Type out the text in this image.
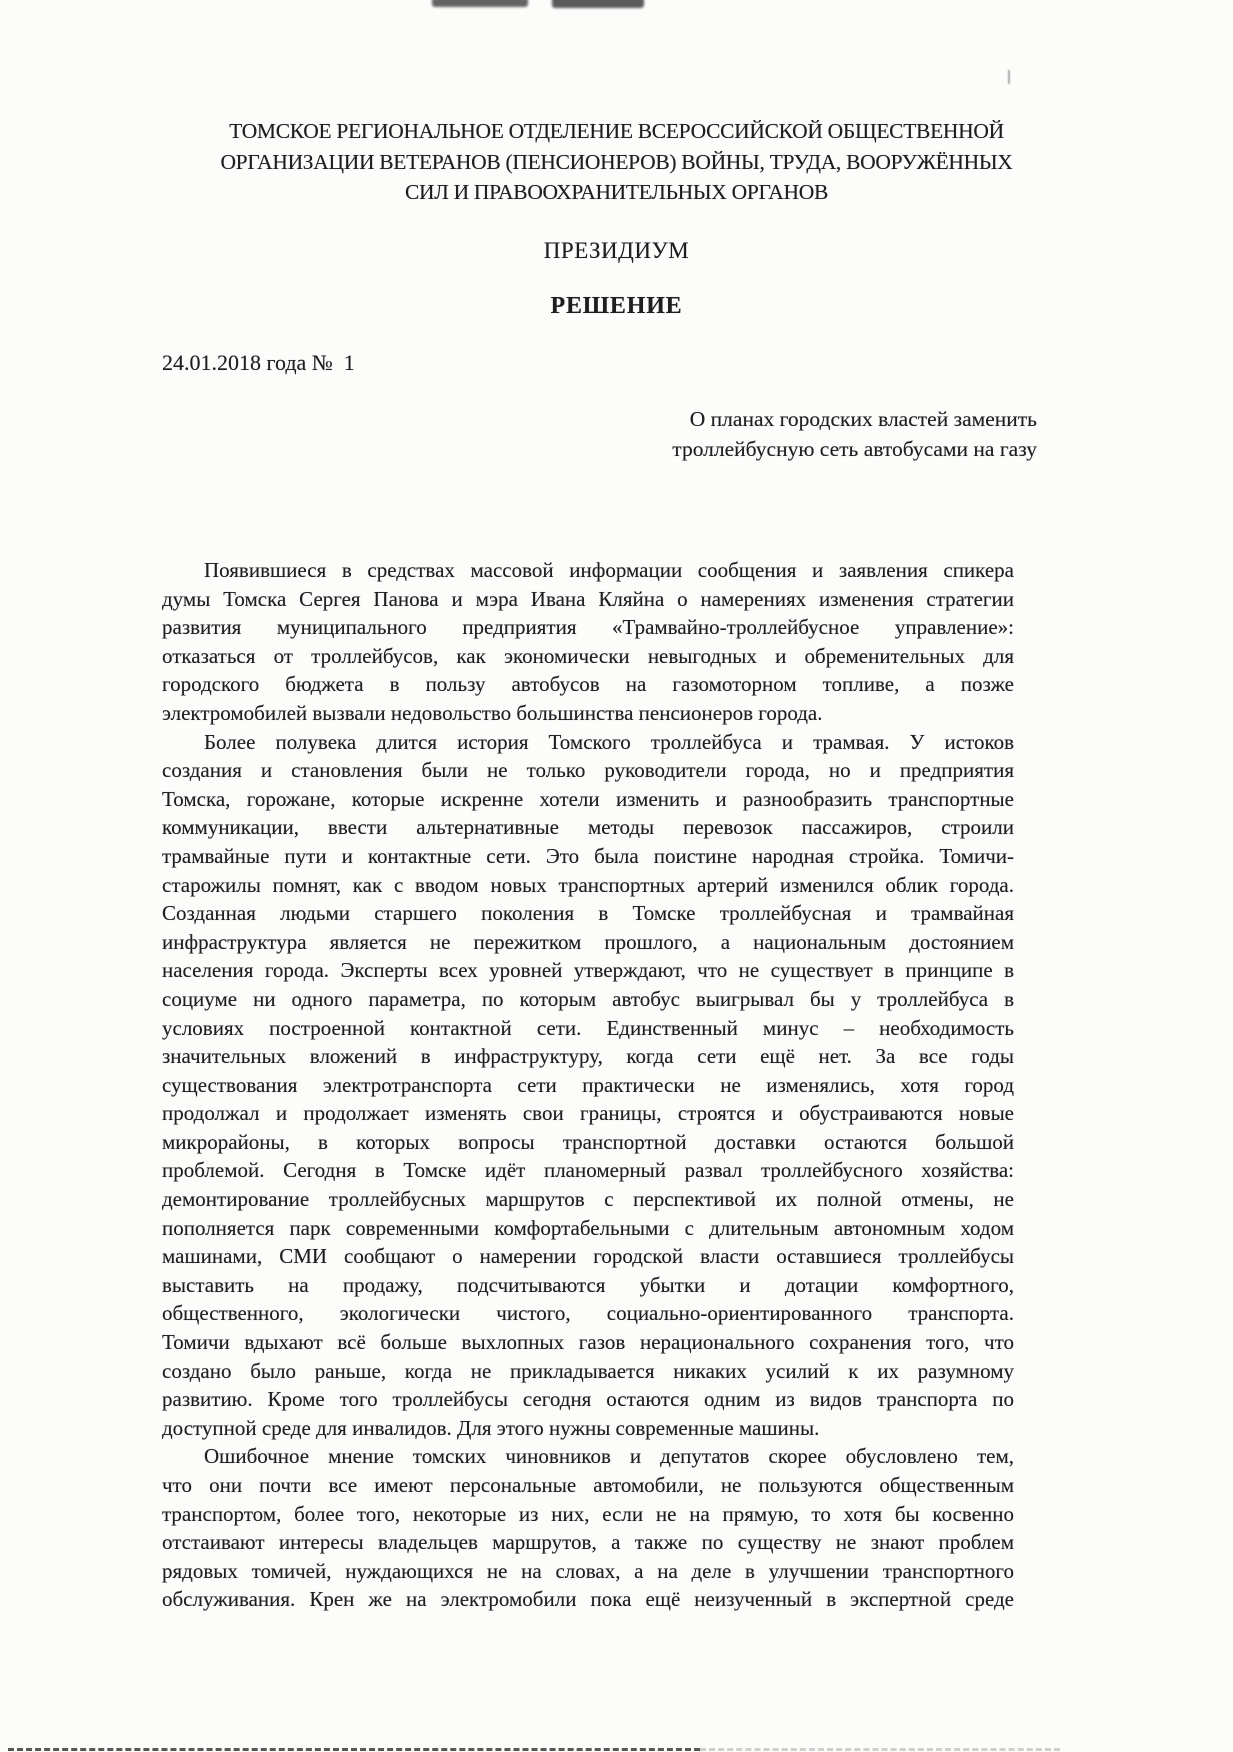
ТОМСКОЕ РЕГИОНАЛЬНОЕ ОТДЕЛЕНИЕ ВСЕРОССИЙСКОЙ ОБЩЕСТВЕННОЙ
ОРГАНИЗАЦИИ ВЕТЕРАНОВ (ПЕНСИОНЕРОВ) ВОЙНЫ, ТРУДА, ВООРУЖЁННЫХ
СИЛ И ПРАВООХРАНИТЕЛЬНЫХ ОРГАНОВ
ПРЕЗИДИУМ
РЕШЕНИЕ
24.01.2018 года №  1
О планах городских властей заменить
троллейбусную сеть автобусами на газу
Появившиеся в средствах массовой информации сообщения и заявления спикера
думы Томска Сергея Панова и мэра Ивана Кляйна о намерениях изменения стратегии
развития муниципального предприятия «Трамвайно-троллейбусное управление»:
отказаться от троллейбусов, как экономически невыгодных и обременительных для
городского бюджета в пользу автобусов на газомоторном топливе, а позже
электромобилей вызвали недовольство большинства пенсионеров города.
Более полувека длится история Томского троллейбуса и трамвая. У истоков
создания и становления были не только руководители города, но и предприятия
Томска, горожане, которые искренне хотели изменить и разнообразить транспортные
коммуникации, ввести альтернативные методы перевозок пассажиров, строили
трамвайные пути и контактные сети. Это была поистине народная стройка. Томичи-
старожилы помнят, как с вводом новых транспортных артерий изменился облик города.
Созданная людьми старшего поколения в Томске троллейбусная и трамвайная
инфраструктура является не пережитком прошлого, а национальным достоянием
населения города. Эксперты всех уровней утверждают, что не существует в принципе в
социуме ни одного параметра, по которым автобус выигрывал бы у троллейбуса в
условиях построенной контактной сети. Единственный минус – необходимость
значительных вложений в инфраструктуру, когда сети ещё нет. За все годы
существования электротранспорта сети практически не изменялись, хотя город
продолжал и продолжает изменять свои границы, строятся и обустраиваются новые
микрорайоны, в которых вопросы транспортной доставки остаются большой
проблемой. Сегодня в Томске идёт планомерный развал троллейбусного хозяйства:
демонтирование троллейбусных маршрутов с перспективой их полной отмены, не
пополняется парк современными комфортабельными с длительным автономным ходом
машинами, СМИ сообщают о намерении городской власти оставшиеся троллейбусы
выставить на продажу, подсчитываются убытки и дотации комфортного,
общественного, экологически чистого, социально-ориентированного транспорта.
Томичи вдыхают всё больше выхлопных газов нерационального сохранения того, что
создано было раньше, когда не прикладывается никаких усилий к их разумному
развитию. Кроме того троллейбусы сегодня остаются одним из видов транспорта по
доступной среде для инвалидов. Для этого нужны современные машины.
Ошибочное мнение томских чиновников и депутатов скорее обусловлено тем,
что они почти все имеют персональные автомобили, не пользуются общественным
транспортом, более того, некоторые из них, если не на прямую, то хотя бы косвенно
отстаивают интересы владельцев маршрутов, а также по существу не знают проблем
рядовых томичей, нуждающихся не на словах, а на деле в улучшении транспортного
обслуживания. Крен же на электромобили пока ещё неизученный в экспертной среде
